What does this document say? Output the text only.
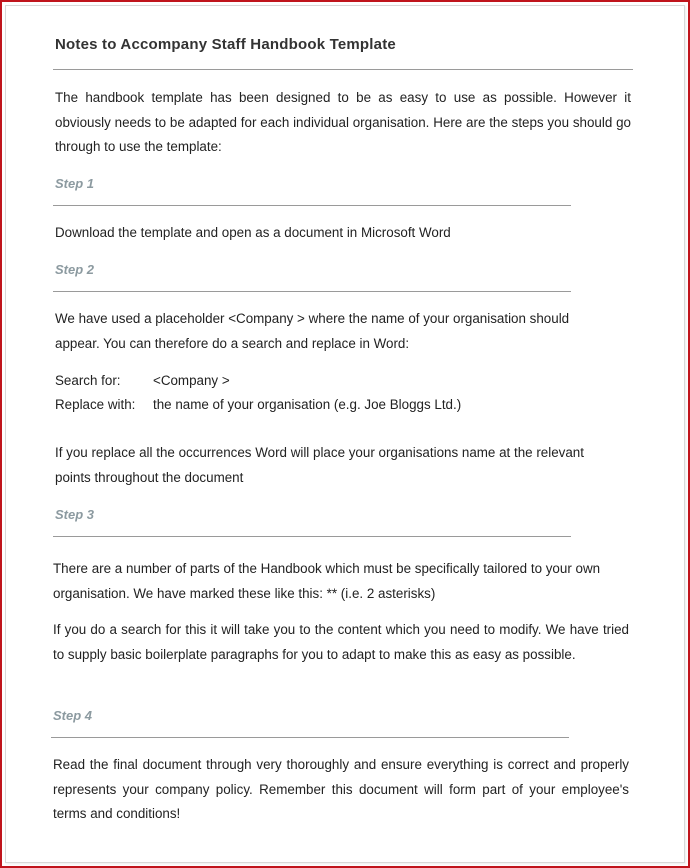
Notes to Accompany Staff Handbook Template

The handbook template has been designed to be as easy to use as possible. However it obviously needs to be adapted for each individual organisation. Here are the steps you should go through to use the template:

Step 1

Download the template and open as a document in Microsoft Word

Step 2

We have used a placeholder <Company > where the name of your organisation should appear. You can therefore do a search and replace in Word:

Search for: <Company >
Replace with: the name of your organisation (e.g. Joe Bloggs Ltd.)

If you replace all the occurrences Word will place your organisations name at the relevant

points throughout the document

Step 3

There are a number of parts of the Handbook which must be specifically tailored to your own organisation. We have marked these like this: ** (i.e. 2 asterisks)

If you do a search for this it will take you to the content which you need to modify. We have tried to supply basic boilerplate paragraphs for you to adapt to make this as easy as possible.

Step 4

Read the final document through very thoroughly and ensure everything is correct and properly represents your company policy. Remember this document will form part of your employee's terms and conditions!
